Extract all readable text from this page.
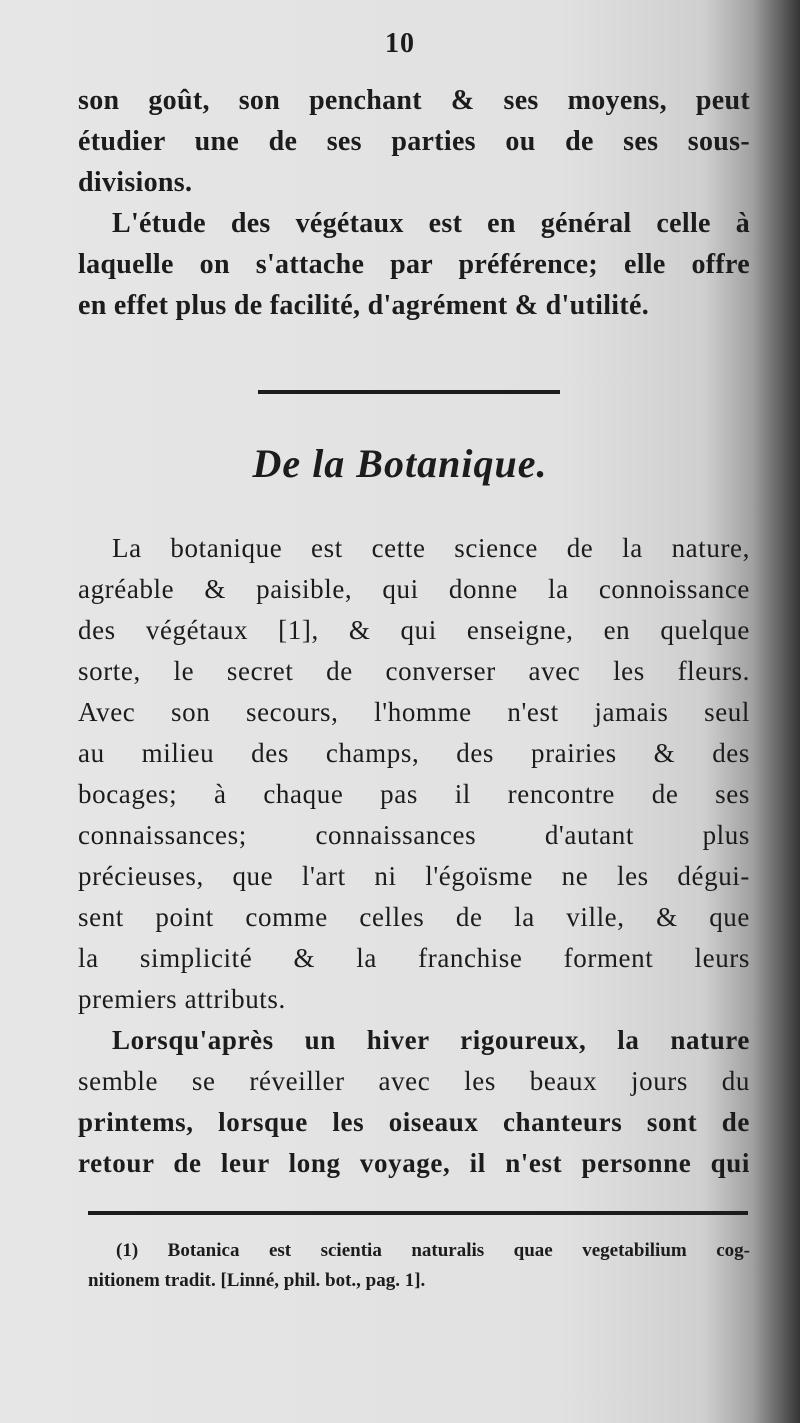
10
son goût, son penchant & ses moyens, peut
étudier une de ses parties ou de ses sous-
divisions.
L'étude des végétaux est en général celle à
laquelle on s'attache par préférence; elle offre
en effet plus de facilité, d'agrément & d'utilité.
De la Botanique.
La botanique est cette science de la nature,
agréable & paisible, qui donne la connoissance
des végétaux [1], & qui enseigne, en quelque
sorte, le secret de converser avec les fleurs.
Avec son secours, l'homme n'est jamais seul
au milieu des champs, des prairies & des
bocages; à chaque pas il rencontre de ses
connaissances; connaissances d'autant plus
précieuses, que l'art ni l'égoïsme ne les dégui-
sent point comme celles de la ville, & que
la simplicité & la franchise forment leurs
premiers attributs.
Lorsqu'après un hiver rigoureux, la nature
semble se réveiller avec les beaux jours du
printems, lorsque les oiseaux chanteurs sont de
retour de leur long voyage, il n'est personne qui
(1) Botanica est scientia naturalis quae vegetabilium cog-
nitionem tradit. [Linné, phil. bot., pag. 1].
